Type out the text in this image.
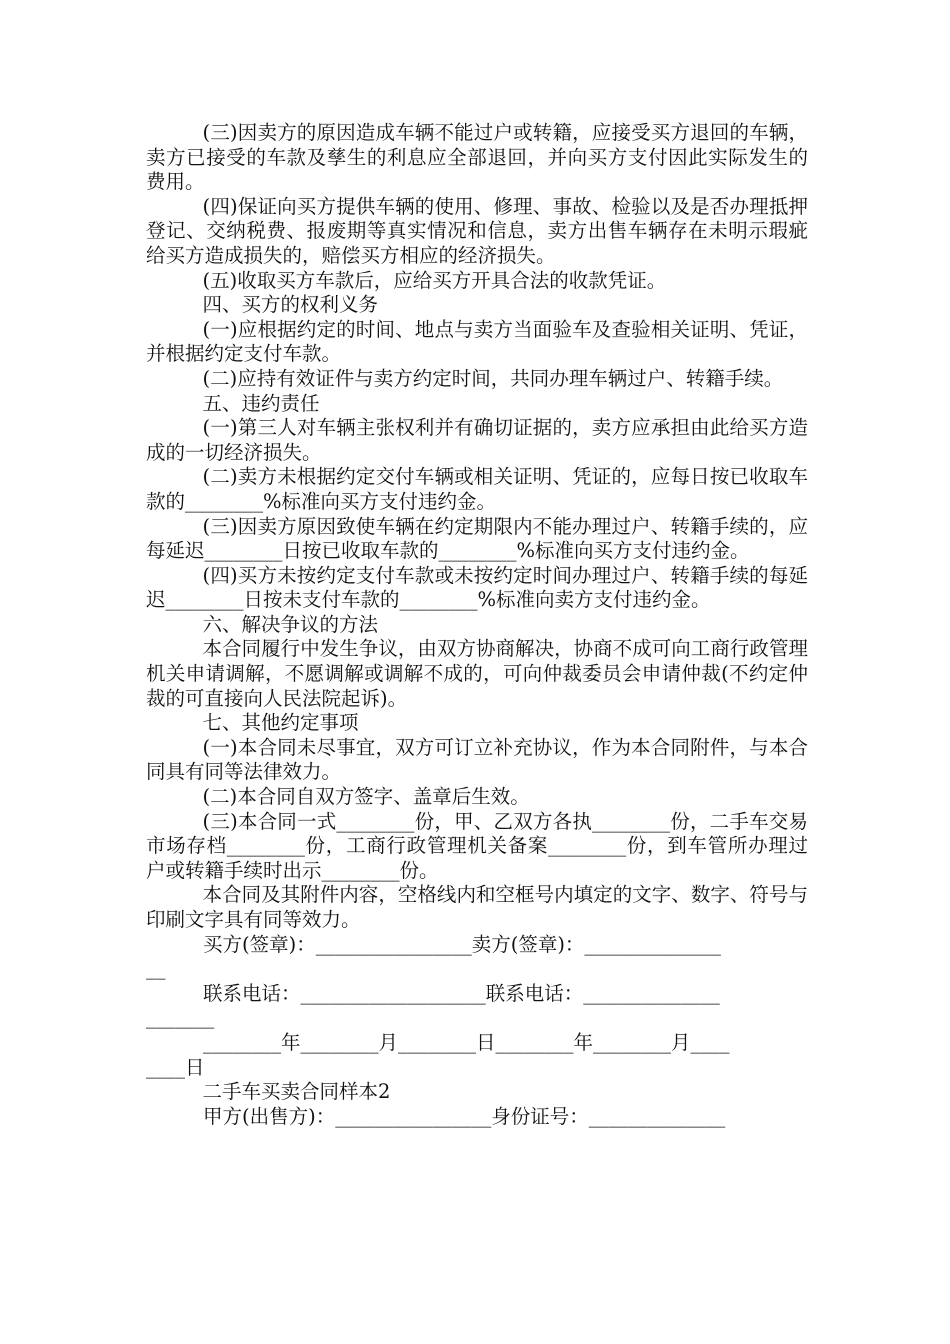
(三)因卖方的原因造成车辆不能过户或转籍，应接受买方退回的车辆，卖方已接受的车款及孳生的利息应全部退回，并向买方支付因此实际发生的费用。

(四)保证向买方提供车辆的使用、修理、事故、检验以及是否办理抵押登记、交纳税费、报废期等真实情况和信息，卖方出售车辆存在未明示瑕疵给买方造成损失的，赔偿买方相应的经济损失。

(五)收取买方车款后，应给买方开具合法的收款凭证。

四、买方的权利义务

(一)应根据约定的时间、地点与卖方当面验车及查验相关证明、凭证，并根据约定支付车款。

(二)应持有效证件与卖方约定时间，共同办理车辆过户、转籍手续。

五、违约责任

(一)第三人对车辆主张权利并有确切证据的，卖方应承担由此给买方造成的一切经济损失。

(二)卖方未根据约定交付车辆或相关证明、凭证的，应每日按已收取车款的________%标准向买方支付违约金。

(三)因卖方原因致使车辆在约定期限内不能办理过户、转籍手续的，应每延迟________日按已收取车款的________%标准向买方支付违约金。

(四)买方未按约定支付车款或未按约定时间办理过户、转籍手续的每延迟________日按未支付车款的________%标准向卖方支付违约金。

六、解决争议的方法

本合同履行中发生争议，由双方协商解决，协商不成可向工商行政管理机关申请调解，不愿调解或调解不成的，可向仲裁委员会申请仲裁(不约定仲裁的可直接向人民法院起诉)。

七、其他约定事项

(一)本合同未尽事宜，双方可订立补充协议，作为本合同附件，与本合同具有同等法律效力。

(二)本合同自双方签字、盖章后生效。

(三)本合同一式________份，甲、乙双方各执________份，二手车交易市场存档________份，工商行政管理机关备案________份，到车管所办理过户或转籍手续时出示________份。

本合同及其附件内容，空格线内和空框号内填定的文字、数字、符号与印刷文字具有同等效力。

买方(签章)：________________卖方(签章)：______________

__

联系电话：___________________联系电话：______________

_______

________年________月________日________年________月____

____日

二手车买卖合同样本2

甲方(出售方)：________________身份证号：______________
